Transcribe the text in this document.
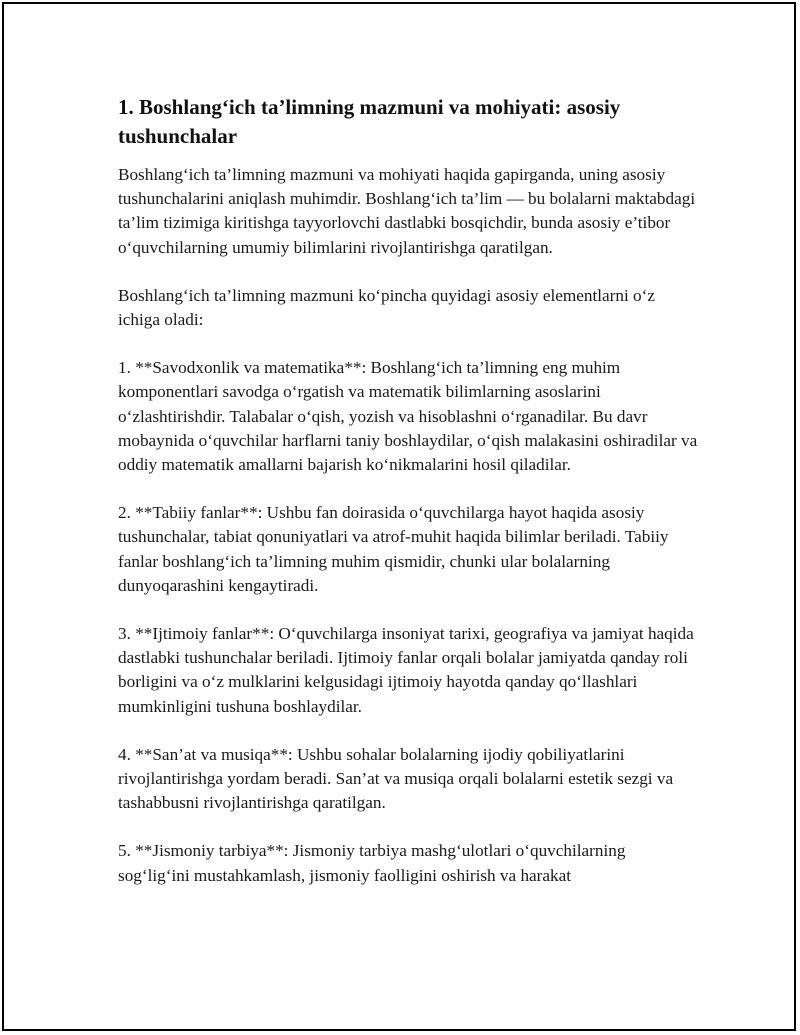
1. Boshlang‘ich ta’limning mazmuni va mohiyati: asosiy tushunchalar

Boshlang‘ich ta’limning mazmuni va mohiyati haqida gapirganda, uning asosiy tushunchalarini aniqlash muhimdir. Boshlang‘ich ta’lim — bu bolalarni maktabdagi ta’lim tizimiga kiritishga tayyorlovchi dastlabki bosqichdir, bunda asosiy e’tibor o‘quvchilarning umumiy bilimlarini rivojlantirishga qaratilgan.

Boshlang‘ich ta’limning mazmuni ko‘pincha quyidagi asosiy elementlarni o‘z ichiga oladi:

1. **Savodxonlik va matematika**: Boshlang‘ich ta’limning eng muhim komponentlari savodga o‘rgatish va matematik bilimlarning asoslarini o‘zlashtirishdir. Talabalar o‘qish, yozish va hisoblashni o‘rganadilar. Bu davr mobaynida o‘quvchilar harflarni taniy boshlaydilar, o‘qish malakasini oshiradilar va oddiy matematik amallarni bajarish ko‘nikmalarini hosil qiladilar.

2. **Tabiiy fanlar**: Ushbu fan doirasida o‘quvchilarga hayot haqida asosiy tushunchalar, tabiat qonuniyatlari va atrof-muhit haqida bilimlar beriladi. Tabiiy fanlar boshlang‘ich ta’limning muhim qismidir, chunki ular bolalarning dunyoqarashini kengaytiradi.

3. **Ijtimoiy fanlar**: O‘quvchilarga insoniyat tarixi, geografiya va jamiyat haqida dastlabki tushunchalar beriladi. Ijtimoiy fanlar orqali bolalar jamiyatda qanday roli borligini va o‘z mulklarini kelgusidagi ijtimoiy hayotda qanday qo‘llashlari mumkinligini tushuna boshlaydilar.

4. **San’at va musiqa**: Ushbu sohalar bolalarning ijodiy qobiliyatlarini rivojlantirishga yordam beradi. San’at va musiqa orqali bolalarni estetik sezgi va tashabbusni rivojlantirishga qaratilgan.

5. **Jismoniy tarbiya**: Jismoniy tarbiya mashg‘ulotlari o‘quvchilarning sog‘lig‘ini mustahkamlash, jismoniy faolligini oshirish va harakat
